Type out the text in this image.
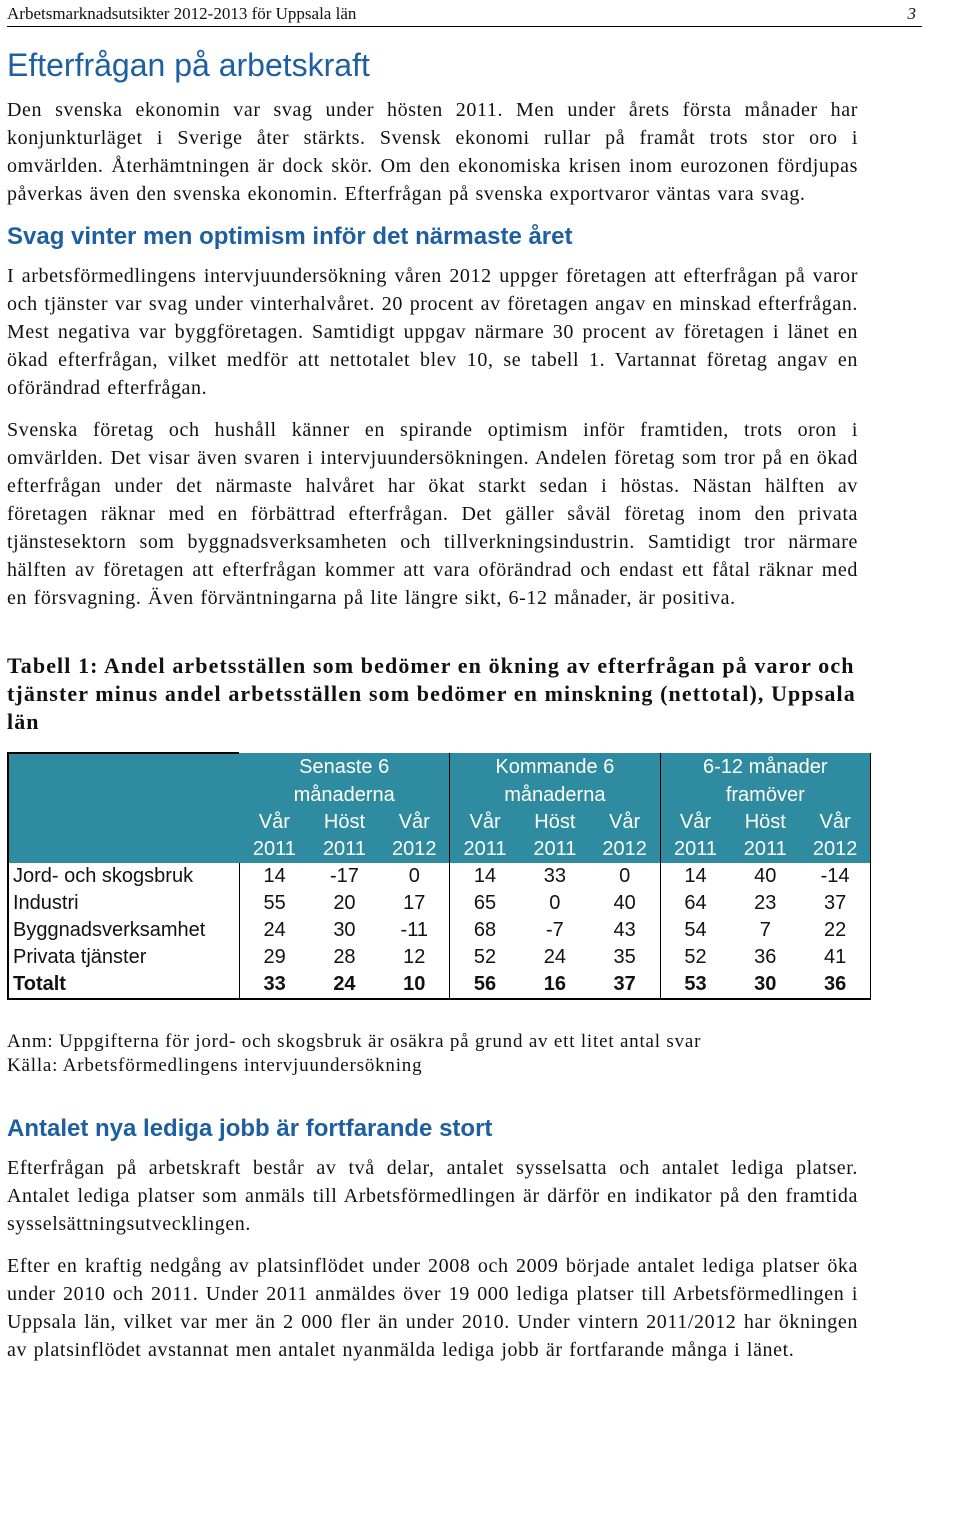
Arbetsmarknadsutsikter 2012-2013 för Uppsala län	3
Efterfrågan på arbetskraft

Den svenska ekonomin var svag under hösten 2011. Men under årets första månader har konjunkturläget i Sverige åter stärkts. Svensk ekonomi rullar på framåt trots stor oro i omvärlden. Återhämtningen är dock skör. Om den ekonomiska krisen inom eurozonen fördjupas påverkas även den svenska ekonomin. Efterfrågan på svenska exportvaror väntas vara svag.

Svag vinter men optimism inför det närmaste året

I arbetsförmedlingens intervjuundersökning våren 2012 uppger företagen att efterfrågan på varor och tjänster var svag under vinterhalvåret. 20 procent av företagen angav en minskad efterfrågan. Mest negativa var byggföretagen. Samtidigt uppgav närmare 30 procent av företagen i länet en ökad efterfrågan, vilket medför att nettotalet blev 10, se tabell 1. Vartannat företag angav en oförändrad efterfrågan.

Svenska företag och hushåll känner en spirande optimism inför framtiden, trots oron i omvärlden. Det visar även svaren i intervjuundersökningen. Andelen företag som tror på en ökad efterfrågan under det närmaste halvåret har ökat starkt sedan i höstas. Nästan hälften av företagen räknar med en förbättrad efterfrågan. Det gäller såväl företag inom den privata tjänstesektorn som byggnadsverksamheten och tillverkningsindustrin. Samtidigt tror närmare hälften av företagen att efterfrågan kommer att vara oförändrad och endast ett fåtal räknar med en försvagning. Även förväntningarna på lite längre sikt, 6-12 månader, är positiva.

Tabell 1: Andel arbetsställen som bedömer en ökning av efterfrågan på varor och tjänster minus andel arbetsställen som bedömer en minskning (nettotal), Uppsala län
	Senaste 6			Kommande 6			6-12 månader		
	månaderna			månaderna			framöver		
	Vår	Höst	Vår	Vår	Höst	Vår	Vår	Höst	Vår
	2011	2011	2012	2011	2011	2012	2011	2011	2012
Jord- och skogsbruk	14	-17	0	14	33	0	14	40	-14
Industri	55	20	17	65	0	40	64	23	37
Byggnadsverksamhet	24	30	-11	68	-7	43	54	7	22
Privata tjänster	29	28	12	52	24	35	52	36	41
Totalt	33	24	10	56	16	37	53	30	36
Anm: Uppgifterna för jord- och skogsbruk är osäkra på grund av ett litet antal svar
Källa: Arbetsförmedlingens intervjuundersökning
Antalet nya lediga jobb är fortfarande stort

Efterfrågan på arbetskraft består av två delar, antalet sysselsatta och antalet lediga platser. Antalet lediga platser som anmäls till Arbetsförmedlingen är därför en indikator på den framtida sysselsättningsutvecklingen.

Efter en kraftig nedgång av platsinflödet under 2008 och 2009 började antalet lediga platser öka under 2010 och 2011. Under 2011 anmäldes över 19 000 lediga platser till Arbetsförmedlingen i Uppsala län, vilket var mer än 2 000 fler än under 2010. Under vintern 2011/2012 har ökningen av platsinflödet avstannat men antalet nyanmälda lediga jobb är fortfarande många i länet.
